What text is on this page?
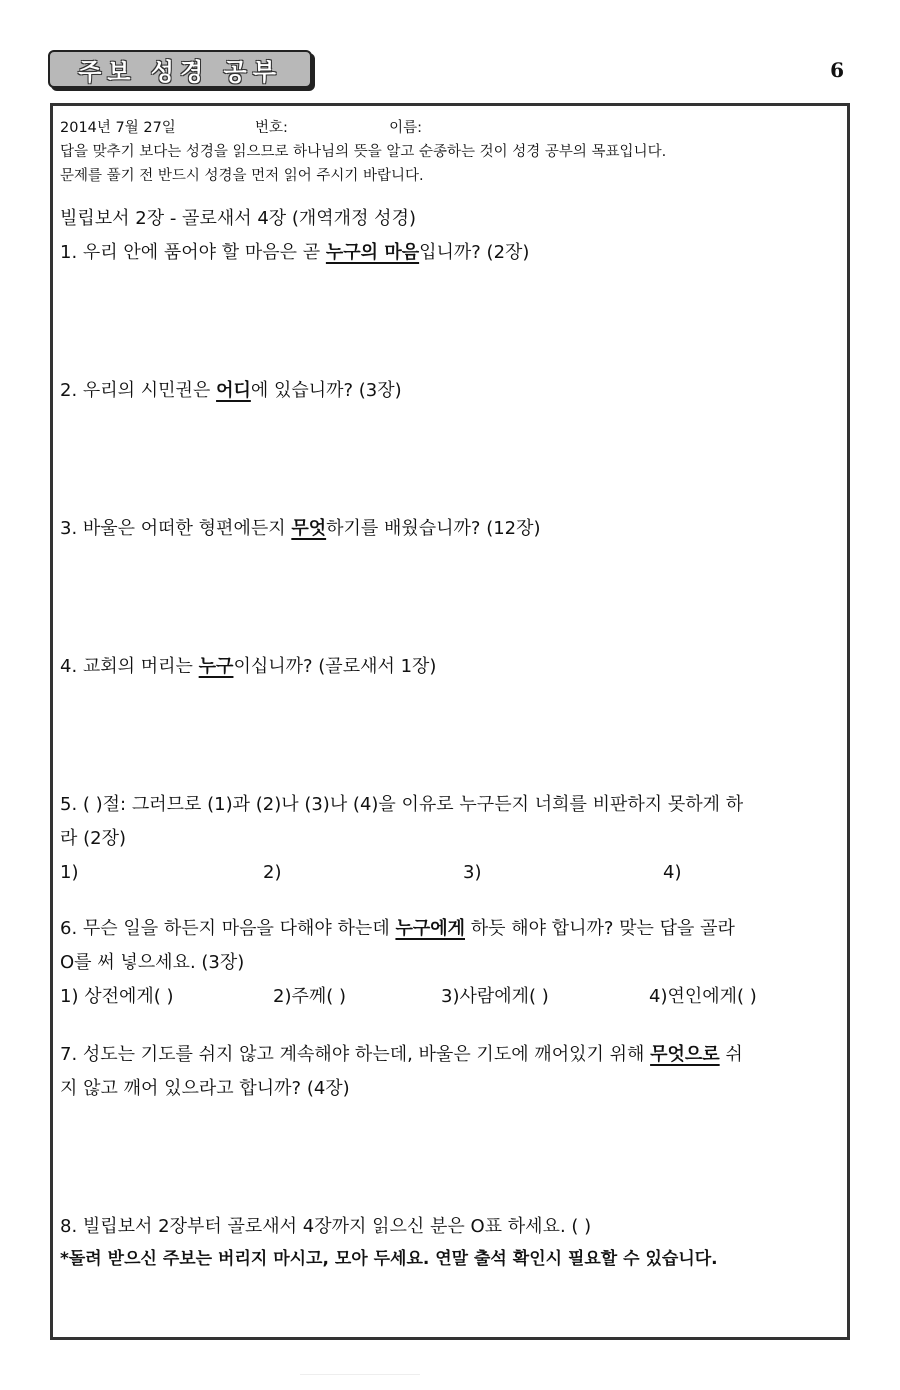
주보 성경 공부	6
2014년 7월 27일	번호:	이름:
답을 맞추기 보다는 성경을 읽으므로 하나님의 뜻을 알고 순종하는 것이 성경 공부의 목표입니다.
문제를 풀기 전 반드시 성경을 먼저 읽어 주시기 바랍니다.
빌립보서 2장 - 골로새서 4장 (개역개정 성경)
1. 우리 안에 품어야 할 마음은 곧 누구의 마음입니까? (2장)
2. 우리의 시민권은 어디에 있습니까? (3장)
3. 바울은 어떠한 형편에든지 무엇하기를 배웠습니까? (12장)
4. 교회의 머리는 누구이십니까? (골로새서 1장)
5. ( )절: 그러므로 (1)과 (2)나 (3)나 (4)을 이유로 누구든지 너희를 비판하지 못하게 하
라 (2장)
1)	2)	3)	4)
6. 무슨 일을 하든지 마음을 다해야 하는데 누구에게 하듯 해야 합니까? 맞는 답을 골라
O를 써 넣으세요. (3장)
1) 상전에게( )	2)주께( )	3)사람에게( )	4)연인에게( )
7. 성도는 기도를 쉬지 않고 계속해야 하는데, 바울은 기도에 깨어있기 위해 무엇으로 쉬
지 않고 깨어 있으라고 합니까? (4장)
8. 빌립보서 2장부터 골로새서 4장까지 읽으신 분은 O표 하세요. ( )
*돌려 받으신 주보는 버리지 마시고, 모아 두세요. 연말 출석 확인시 필요할 수 있습니다.
